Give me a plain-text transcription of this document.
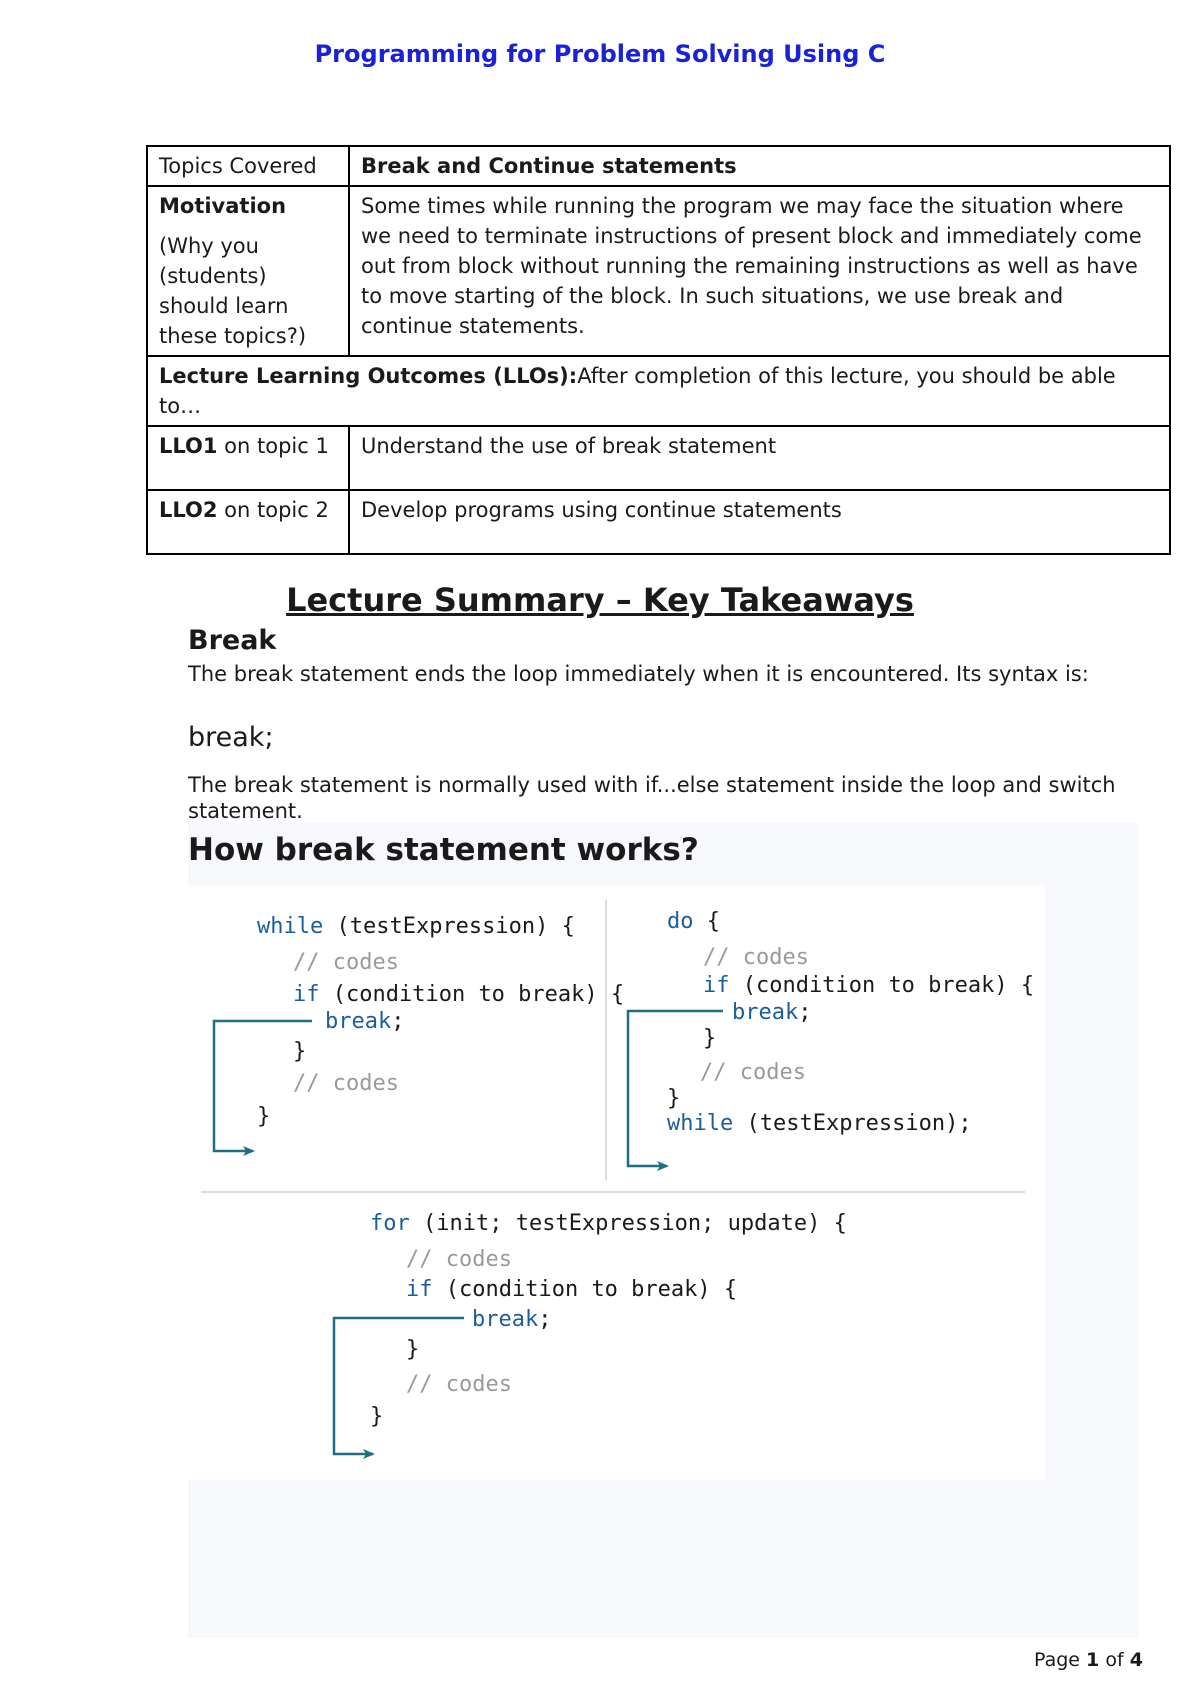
Programming for Problem Solving Using C
Topics Covered	Break and Continue statements
Motivation
(Why you (students) should learn these topics?)	Some times while running the program we may face the situation where we need to terminate instructions of present block and immediately come out from block without running the remaining instructions as well as have to move starting of the block. In such situations, we use break and continue statements.
Lecture Learning Outcomes (LLOs):After completion of this lecture, you should be able to…	
LLO1 on topic 1	Understand the use of break statement
LLO2 on topic 2	Develop programs using continue statements
Lecture Summary – Key Takeaways
Break
The break statement ends the loop immediately when it is encountered. Its syntax is:
break;
The break statement is normally used with if...else statement inside the loop and switch statement.
How break statement works?
while (testExpression) {
// codes
if (condition to break) {
break;
}
// codes
}
do {
// codes
if (condition to break) {
break;
}
// codes
}
while (testExpression);
for (init; testExpression; update) {
// codes
if (condition to break) {
break;
}
// codes
}
Page 1 of 4
